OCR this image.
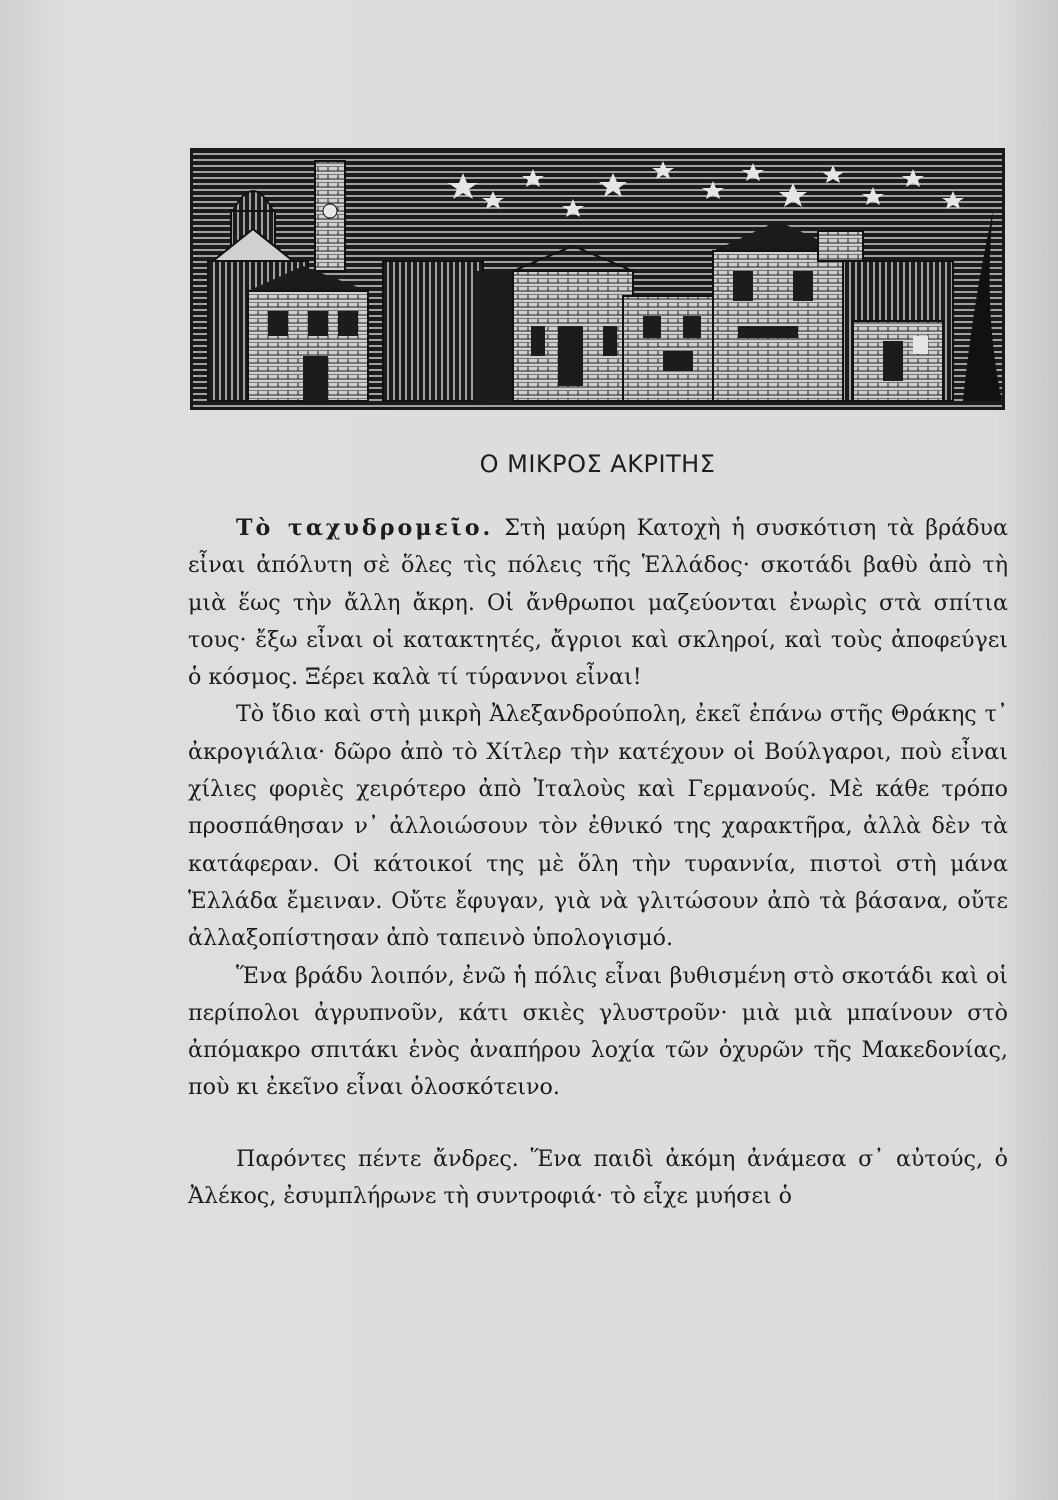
Ο ΜΙΚΡΟΣ ΑΚΡΙΤΗΣ

Τὸ ταχυδρομεῖο. Στὴ μαύρη Κατοχὴ ἡ συσκότιση τὰ βράδυα εἶναι ἀπόλυτη σὲ ὅλες τὶς πόλεις τῆς Ἑλλάδος· σκοτάδι βαθὺ ἀπὸ τὴ μιὰ ἕως τὴν ἄλλη ἄκρη. Οἱ ἄνθρωποι μαζεύονται ἐνωρὶς στὰ σπίτια τους· ἔξω εἶναι οἱ κατακτητές, ἄγριοι καὶ σκληροί, καὶ τοὺς ἀποφεύγει ὁ κόσμος. Ξέρει καλὰ τί τύραννοι εἶναι!

Τὸ ἴδιο καὶ στὴ μικρὴ Ἀλεξανδρούπολη, ἐκεῖ ἐπάνω στῆς Θράκης τ᾿ ἀκρογιάλια· δῶρο ἀπὸ τὸ Χίτλερ τὴν κατέχουν οἱ Βούλγαροι, ποὺ εἶναι χίλιες φοριὲς χειρότερο ἀπὸ Ἰταλοὺς καὶ Γερμανούς. Μὲ κάθε τρόπο προσπάθησαν ν᾿ ἀλλοιώσουν τὸν ἐθνικό της χαρακτῆρα, ἀλλὰ δὲν τὰ κατάφεραν. Οἱ κάτοικοί της μὲ ὅλη τὴν τυραννία, πιστοὶ στὴ μάνα Ἑλλάδα ἔμειναν. Οὔτε ἔφυγαν, γιὰ νὰ γλιτώσουν ἀπὸ τὰ βάσανα, οὔτε ἀλλαξοπίστησαν ἀπὸ ταπεινὸ ὑπολογισμό.

Ἕνα βράδυ λοιπόν, ἐνῶ ἡ πόλις εἶναι βυθισμένη στὸ σκοτάδι καὶ οἱ περίπολοι ἀγρυπνοῦν, κάτι σκιὲς γλυστροῦν· μιὰ μιὰ μπαίνουν στὸ ἀπόμακρο σπιτάκι ἑνὸς ἀναπήρου λοχία τῶν ὀχυρῶν τῆς Μακεδονίας, ποὺ κι ἐκεῖνο εἶναι ὁλοσκότεινο.

Παρόντες πέντε ἄνδρες. Ἕνα παιδὶ ἀκόμη ἀνάμεσα σ᾿ αὐτούς, ὁ Ἀλέκος, ἐσυμπλήρωνε τὴ συντροφιά· τὸ εἶχε μυήσει ὁ
